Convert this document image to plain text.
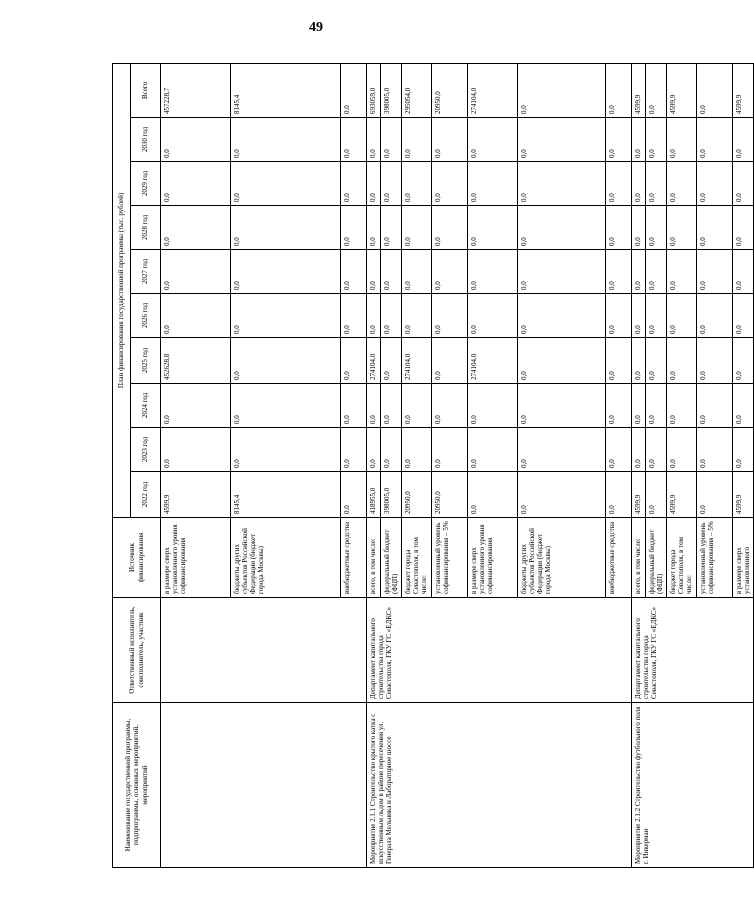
49
Наименование государственной программы, подпрограммы, основных мероприятий, мероприятий	Ответственный исполнитель, соисполнитель, участник	Источник финансирования	План финансирования государственной программы (тыс. рублей)									
			2022 год	2023 год	2024 год	2025 год	2026 год	2027 год	2028 год	2029 год	2030 год	Всего
		в размере сверх установленного уровня софинансирования	4599,9	0,0	0,0	452628,8	0,0	0,0	0,0	0,0	0,0	457228,7
		бюджеты других субъектов Российской Федерации (бюджет города Москвы)	8145,4	0,0	0,0	0,0	0,0	0,0	0,0	0,0	0,0	8145,4
		внебюджетные средства	0,0	0,0	0,0	0,0	0,0	0,0	0,0	0,0	0,0	0,0
Мероприятие 2.1.1 Строительство крытого катка с искусственным льдом в районе пересечения ул. Генерала Мельника и Лабораторное шоссе	Департамент капитального строительства города Севастополя, ГКУ ГС «ЕДКС»	всего, в том числе:	418955,0	0,0	0,0	274104,0	0,0	0,0	0,0	0,0	0,0	693059,0
		федеральный бюджет (ФЦП)	398005,0	0,0	0,0	0,0	0,0	0,0	0,0	0,0	0,0	398005,0
		бюджет города Севастополя, в том числе:	20950,0	0,0	0,0	274104,0	0,0	0,0	0,0	0,0	0,0	295054,0
		установленный уровень софинансирования – 5%	20950,0	0,0	0,0	0,0	0,0	0,0	0,0	0,0	0,0	20950,0
		в размере сверх установленного уровня софинансирования	0,0	0,0	0,0	274104,0	0,0	0,0	0,0	0,0	0,0	274104,0
		бюджеты других субъектов Российской Федерации (бюджет города Москвы)	0,0	0,0	0,0	0,0	0,0	0,0	0,0	0,0	0,0	0,0
		внебюджетные средства	0,0	0,0	0,0	0,0	0,0	0,0	0,0	0,0	0,0	0,0
Мероприятие 2.1.2 Строительство футбольного поля г. Инкерман	Департамент капитального строительства города Севастополя, ГКУ ГС «ЕДКС»	всего, в том числе:	4599,9	0,0	0,0	0,0	0,0	0,0	0,0	0,0	0,0	4599,9
		федеральный бюджет (ФЦП)	0,0	0,0	0,0	0,0	0,0	0,0	0,0	0,0	0,0	0,0
		бюджет города Севастополя, в том числе:	4599,9	0,0	0,0	0,0	0,0	0,0	0,0	0,0	0,0	4599,9
		установленный уровень софинансирования – 5%	0,0	0,0	0,0	0,0	0,0	0,0	0,0	0,0	0,0	0,0
		в размере сверх установленного	4599,9	0,0	0,0	0,0	0,0	0,0	0,0	0,0	0,0	4599,9
